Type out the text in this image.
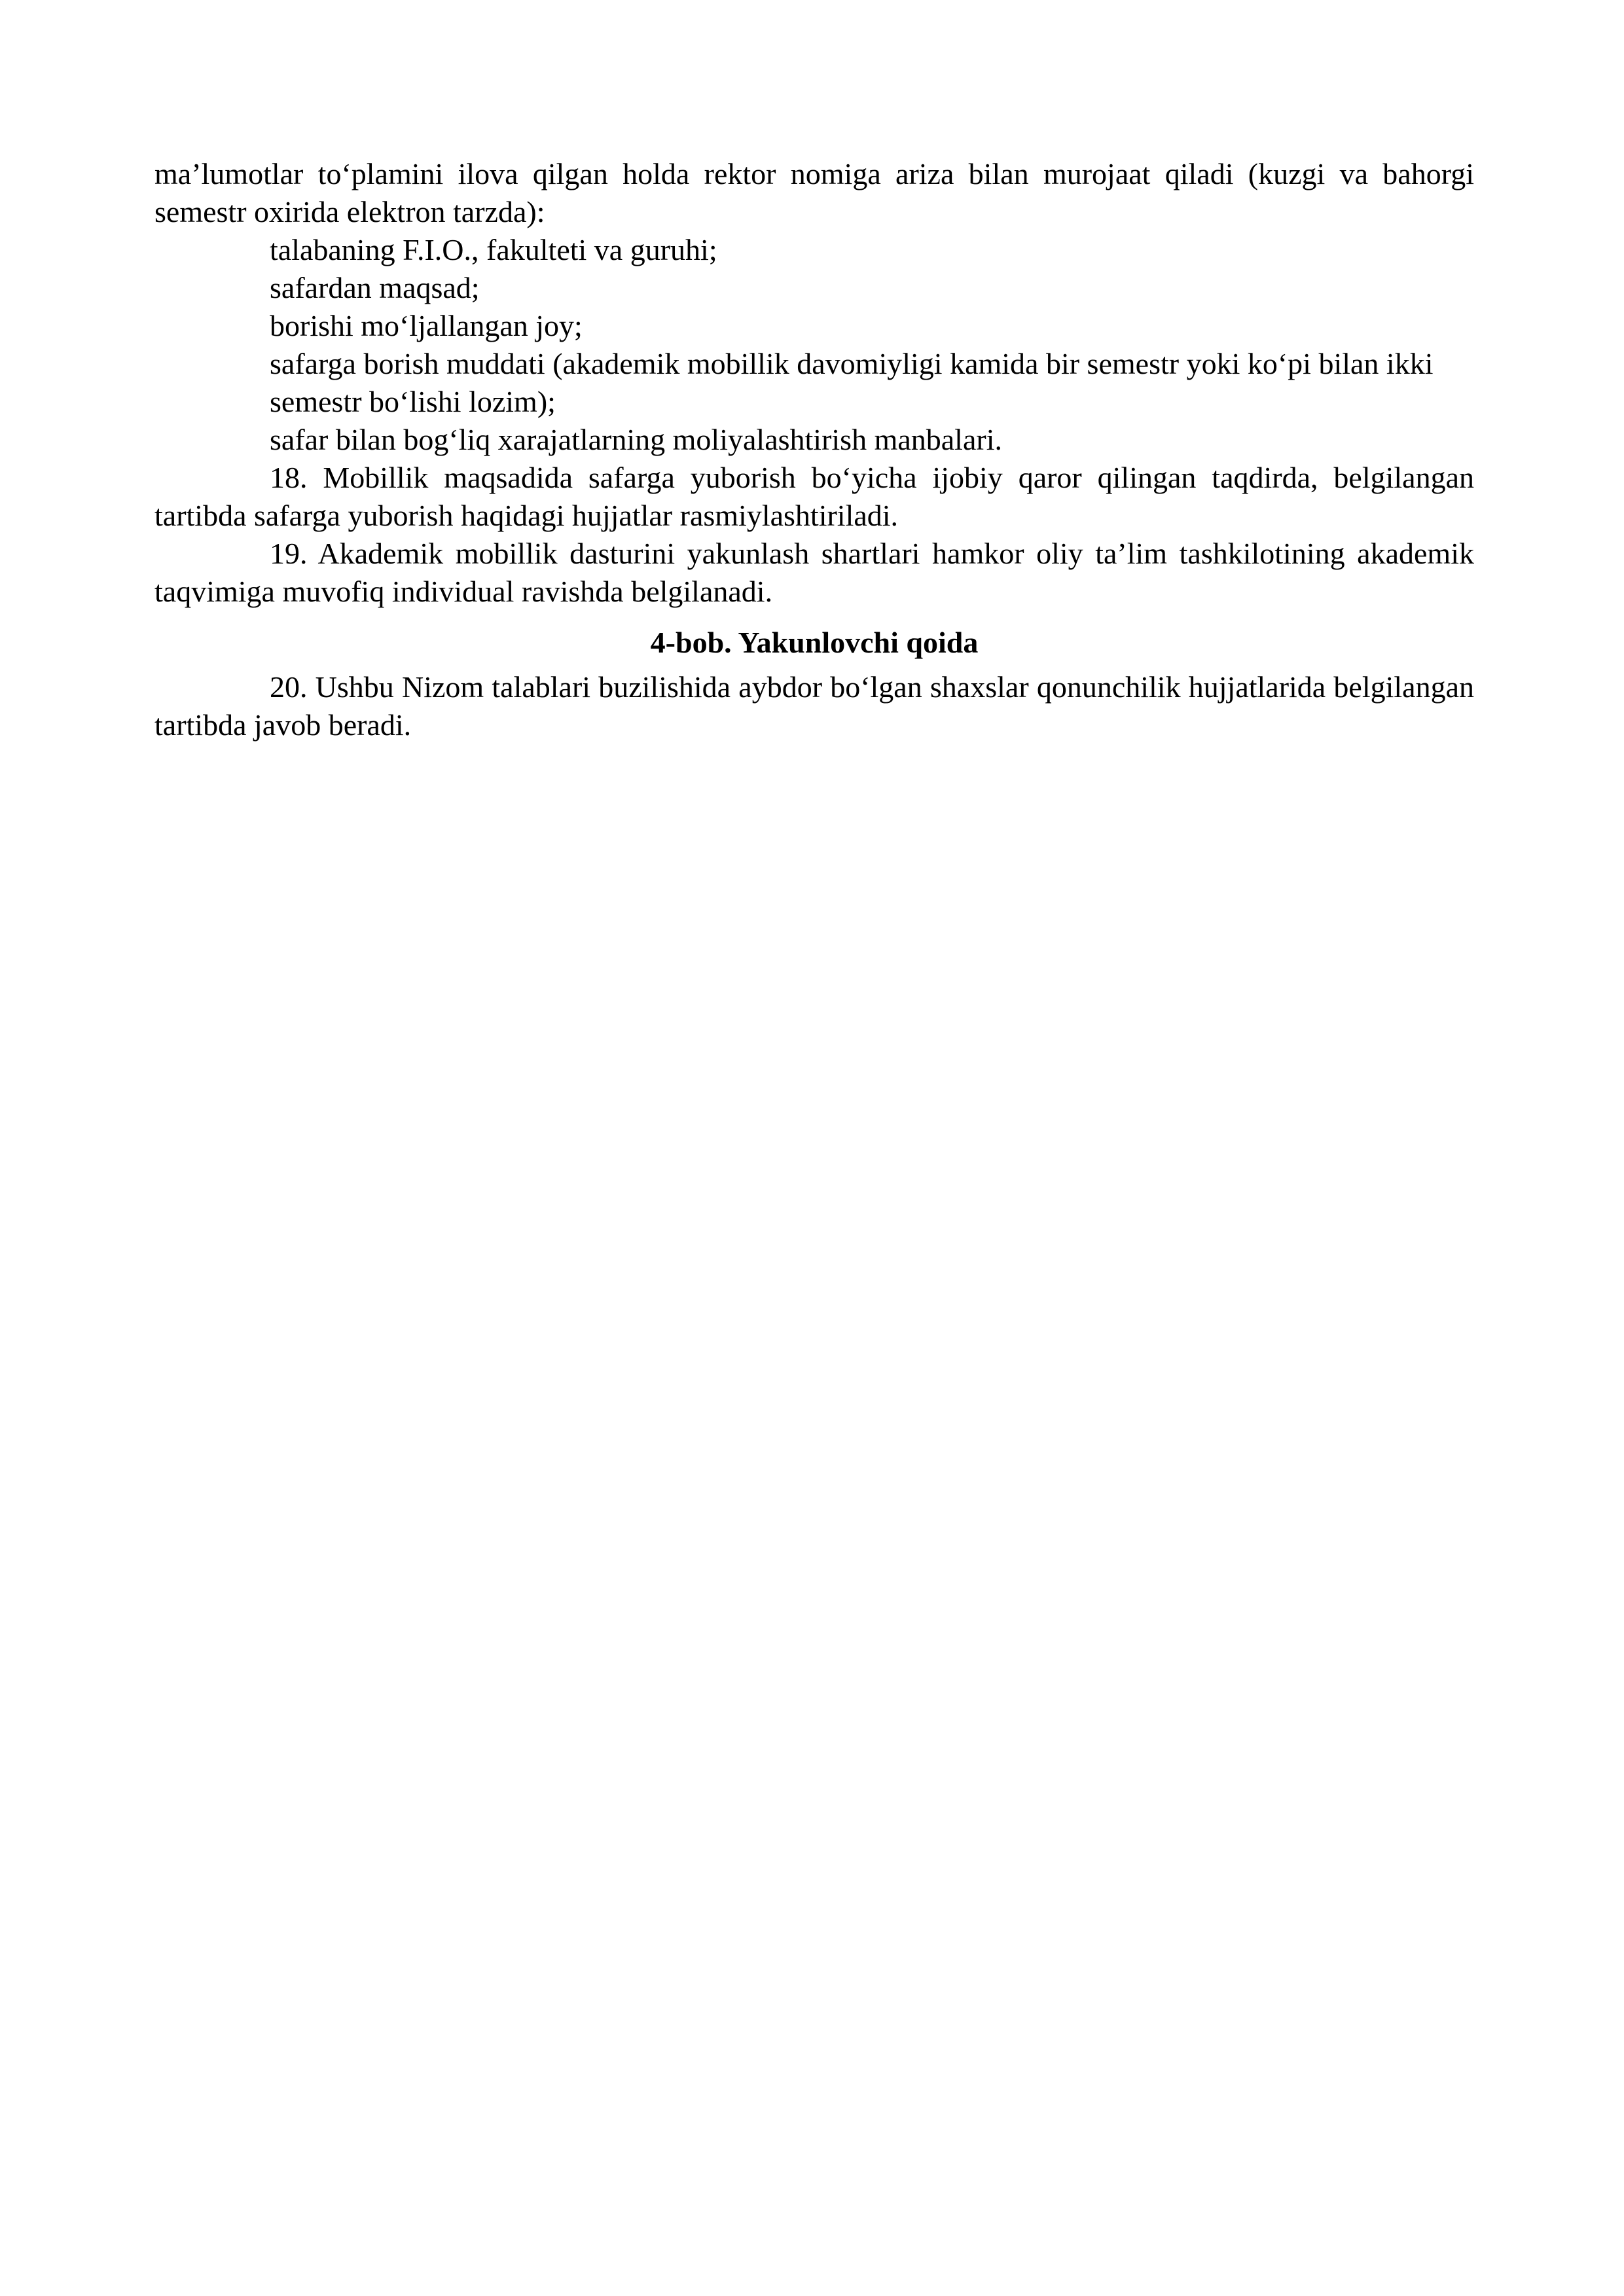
ma’lumotlar to‘plamini ilova qilgan holda rektor nomiga ariza bilan murojaat qiladi (kuzgi va bahorgi semestr oxirida elektron tarzda):

talabaning F.I.O., fakulteti va guruhi;

safardan maqsad;

borishi mo‘ljallangan joy;

safarga borish muddati (akademik mobillik davomiyligi kamida bir semestr yoki ko‘pi bilan ikki semestr bo‘lishi lozim);

safar bilan bog‘liq xarajatlarning moliyalashtirish manbalari.

18. Mobillik maqsadida safarga yuborish bo‘yicha ijobiy qaror qilingan taqdirda, belgilangan tartibda safarga yuborish haqidagi hujjatlar rasmiylashtiriladi.

19. Akademik mobillik dasturini yakunlash shartlari hamkor oliy ta’lim tashkilotining akademik taqvimiga muvofiq individual ravishda belgilanadi.

4-bob. Yakunlovchi qoida

20. Ushbu Nizom talablari buzilishida aybdor bo‘lgan shaxslar qonunchilik hujjatlarida belgilangan tartibda javob beradi.
